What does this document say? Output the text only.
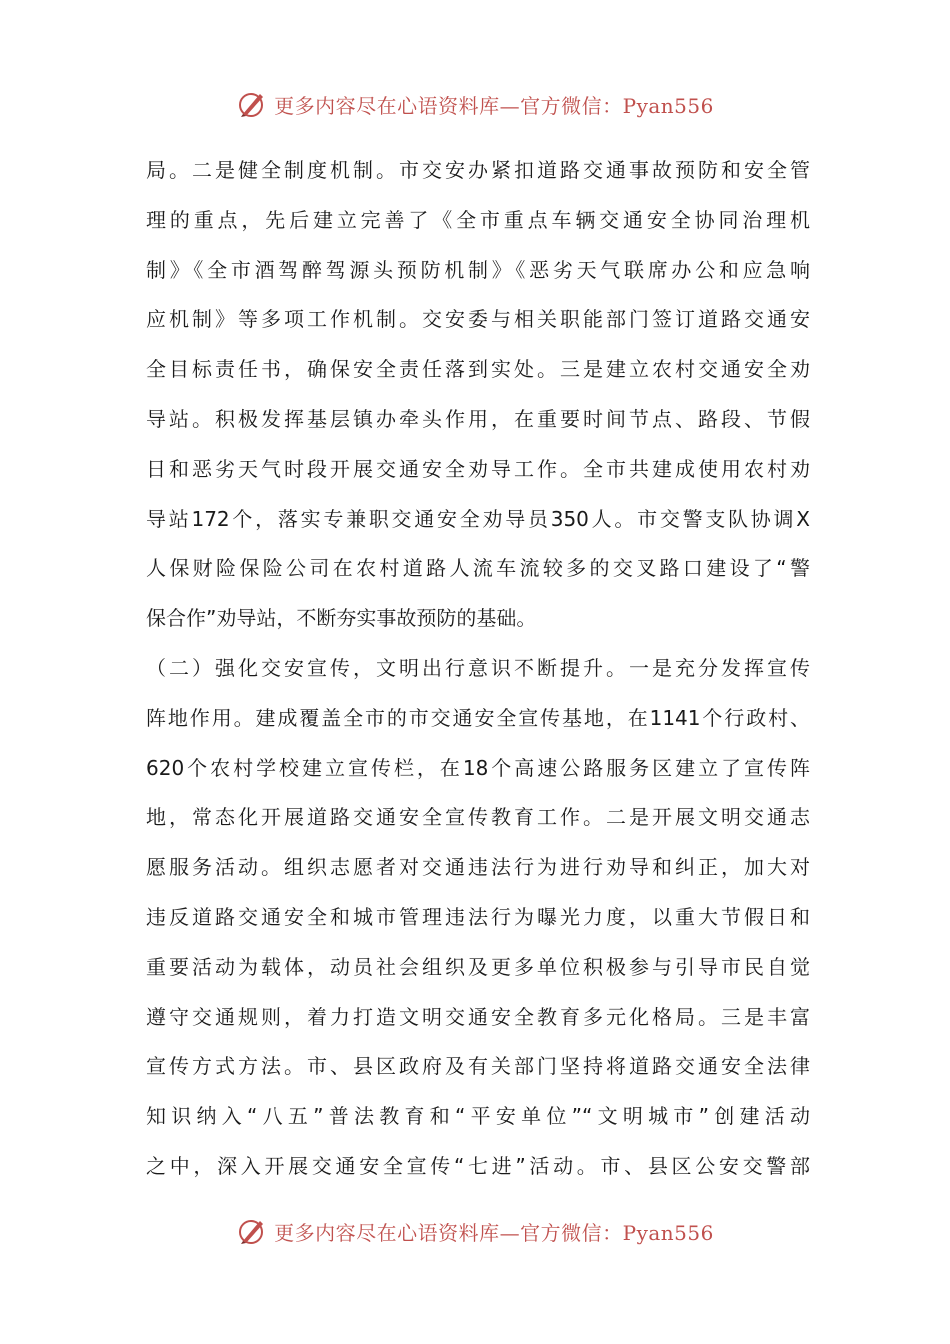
更多内容尽在心语资料库—官方微信：Pyan556
局。二是健全制度机制。市交安办紧扣道路交通事故预防和安全管
理的重点，先后建立完善了《全市重点车辆交通安全协同治理机
制》《全市酒驾醉驾源头预防机制》《恶劣天气联席办公和应急响
应机制》等多项工作机制。交安委与相关职能部门签订道路交通安
全目标责任书，确保安全责任落到实处。三是建立农村交通安全劝
导站。积极发挥基层镇办牵头作用，在重要时间节点、路段、节假
日和恶劣天气时段开展交通安全劝导工作。全市共建成使用农村劝
导站172个，落实专兼职交通安全劝导员350人。市交警支队协调X
人保财险保险公司在农村道路人流车流较多的交叉路口建设了“警
保合作”劝导站，不断夯实事故预防的基础。
（二）强化交安宣传，文明出行意识不断提升。一是充分发挥宣传
阵地作用。建成覆盖全市的市交通安全宣传基地，在1141个行政村、
620个农村学校建立宣传栏，在18个高速公路服务区建立了宣传阵
地，常态化开展道路交通安全宣传教育工作。二是开展文明交通志
愿服务活动。组织志愿者对交通违法行为进行劝导和纠正，加大对
违反道路交通安全和城市管理违法行为曝光力度，以重大节假日和
重要活动为载体，动员社会组织及更多单位积极参与引导市民自觉
遵守交通规则，着力打造文明交通安全教育多元化格局。三是丰富
宣传方式方法。市、县区政府及有关部门坚持将道路交通安全法律
知识纳入“八五”普法教育和“平安单位”“文明城市”创建活动
之中，深入开展交通安全宣传“七进”活动。市、县区公安交警部
更多内容尽在心语资料库—官方微信：Pyan556
